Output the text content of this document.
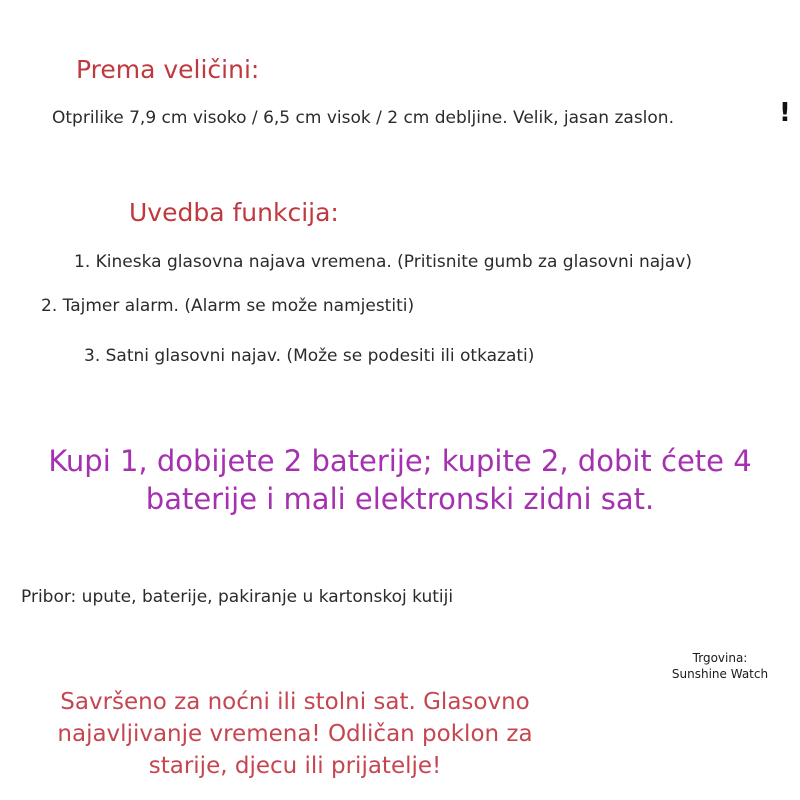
Prema veličini:
Otprilike 7,9 cm visoko / 6,5 cm visok / 2 cm debljine. Velik, jasan zaslon.	!
Uvedba funkcija:
1. Kineska glasovna najava vremena. (Pritisnite gumb za glasovni najav)
2. Tajmer alarm. (Alarm se može namjestiti)
3. Satni glasovni najav. (Može se podesiti ili otkazati)
Kupi 1, dobijete 2 baterije; kupite 2, dobit ćete 4
baterije i mali elektronski zidni sat.
Pribor: upute, baterije, pakiranje u kartonskoj kutiji
Trgovina:
Sunshine Watch
Savršeno za noćni ili stolni sat. Glasovno
najavljivanje vremena! Odličan poklon za
starije, djecu ili prijatelje!
